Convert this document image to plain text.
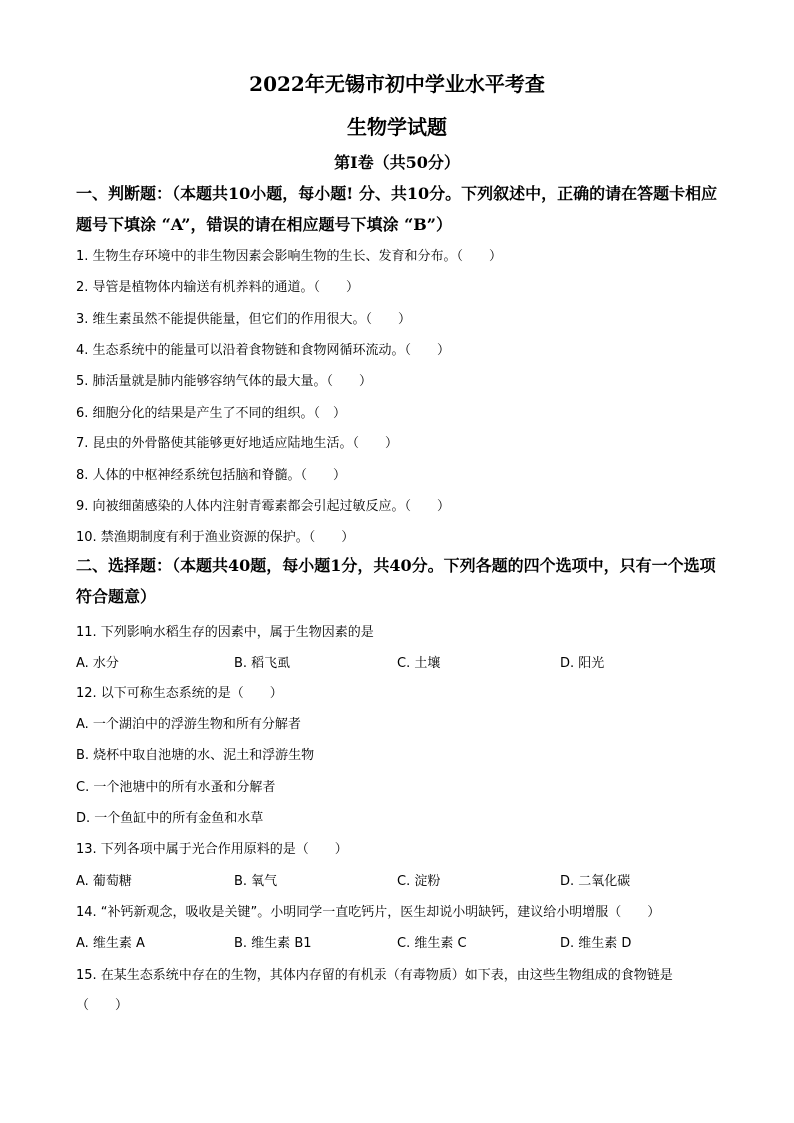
2022年无锡市初中学业水平考查
生物学试题
第Ⅰ卷（共50分）
一、判断题：（本题共10小题，每小题! 分、共10分。下列叙述中，正确的请在答题卡相应题号下填涂 “A”，错误的请在相应题号下填涂 “B”）
1. 生物生存环境中的非生物因素会影响生物的生长、发育和分布。（　　）
2. 导管是植物体内输送有机养料的通道。（　　）
3. 维生素虽然不能提供能量，但它们的作用很大。（　　）
4. 生态系统中的能量可以沿着食物链和食物网循环流动。（　　）
5. 肺活量就是肺内能够容纳气体的最大量。（　　）
6. 细胞分化的结果是产生了不同的组织。（　）
7. 昆虫的外骨骼使其能够更好地适应陆地生活。（　　）
8. 人体的中枢神经系统包括脑和脊髓。（　　）
9. 向被细菌感染的人体内注射青霉素都会引起过敏反应。（　　）
10. 禁渔期制度有利于渔业资源的保护。（　　）
二、选择题：（本题共40题，每小题1分，共40分。下列各题的四个选项中，只有一个选项符合题意）
11. 下列影响水稻生存的因素中，属于生物因素的是
A. 水分	B. 稻飞虱	C. 土壤	D. 阳光
12. 以下可称生态系统的是（　　）
A. 一个湖泊中的浮游生物和所有分解者
B. 烧杯中取自池塘的水、泥土和浮游生物
C. 一个池塘中的所有水蚤和分解者
D. 一个鱼缸中的所有金鱼和水草
13. 下列各项中属于光合作用原料的是（　　）
A. 葡萄糖	B. 氧气	C. 淀粉	D. 二氧化碳
14. “补钙新观念，吸收是关键”。小明同学一直吃钙片，医生却说小明缺钙，建议给小明增服（　　）
A. 维生素 A	B. 维生素 B1	C. 维生素 C	D. 维生素 D
15. 在某生态系统中存在的生物，其体内存留的有机汞（有毒物质）如下表，由这些生物组成的食物链是
（　　）
